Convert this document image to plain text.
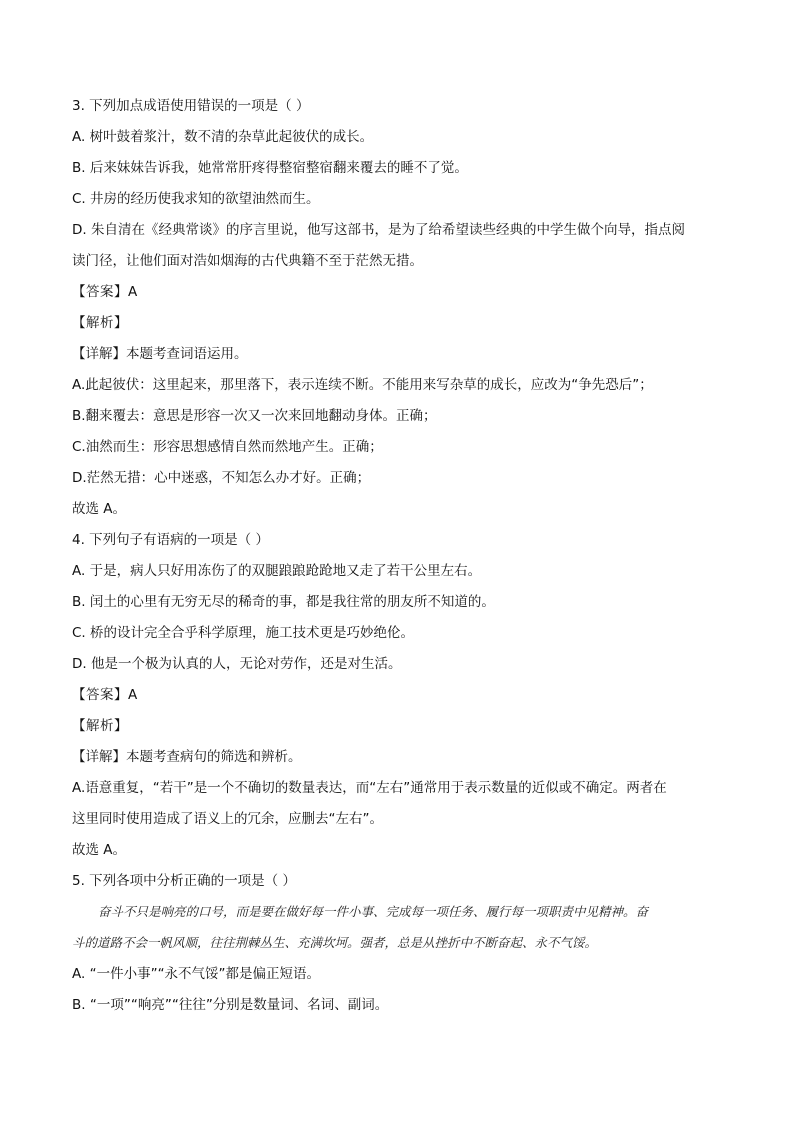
3. 下列加点成语使用错误的一项是（ ）
A. 树叶鼓着浆汁，数不清的杂草此起彼伏的成长。
B. 后来妹妹告诉我，她常常肝疼得整宿整宿翻来覆去的睡不了觉。
C. 井房的经历使我求知的欲望油然而生。
D. 朱自清在《经典常谈》的序言里说，他写这部书，是为了给希望读些经典的中学生做个向导，指点阅
读门径，让他们面对浩如烟海的古代典籍不至于茫然无措。
【答案】A
【解析】
【详解】本题考查词语运用。
A.此起彼伏：这里起来，那里落下，表示连续不断。不能用来写杂草的成长，应改为“争先恐后”；
B.翻来覆去：意思是形容一次又一次来回地翻动身体。正确；
C.油然而生：形容思想感情自然而然地产生。正确；
D.茫然无措：心中迷惑，不知怎么办才好。正确；
故选 A。
4. 下列句子有语病的一项是（ ）
A. 于是，病人只好用冻伤了的双腿踉踉跄跄地又走了若干公里左右。
B. 闰土的心里有无穷无尽的稀奇的事，都是我往常的朋友所不知道的。
C. 桥的设计完全合乎科学原理，施工技术更是巧妙绝伦。
D. 他是一个极为认真的人，无论对劳作，还是对生活。
【答案】A
【解析】
【详解】本题考查病句的筛选和辨析。
A.语意重复，“若干”是一个不确切的数量表达，而“左右”通常用于表示数量的近似或不确定。两者在
这里同时使用造成了语义上的冗余，应删去“左右”。
故选 A。
5. 下列各项中分析正确的一项是（ ）
奋斗不只是响亮的口号，而是要在做好每一件小事、完成每一项任务、履行每一项职责中见精神。奋
斗的道路不会一帆风顺，往往荆棘丛生、充满坎坷。强者，总是从挫折中不断奋起、永不气馁。
A. “一件小事”“永不气馁”都是偏正短语。
B. “一项”“响亮”“往往”分别是数量词、名词、副词。
